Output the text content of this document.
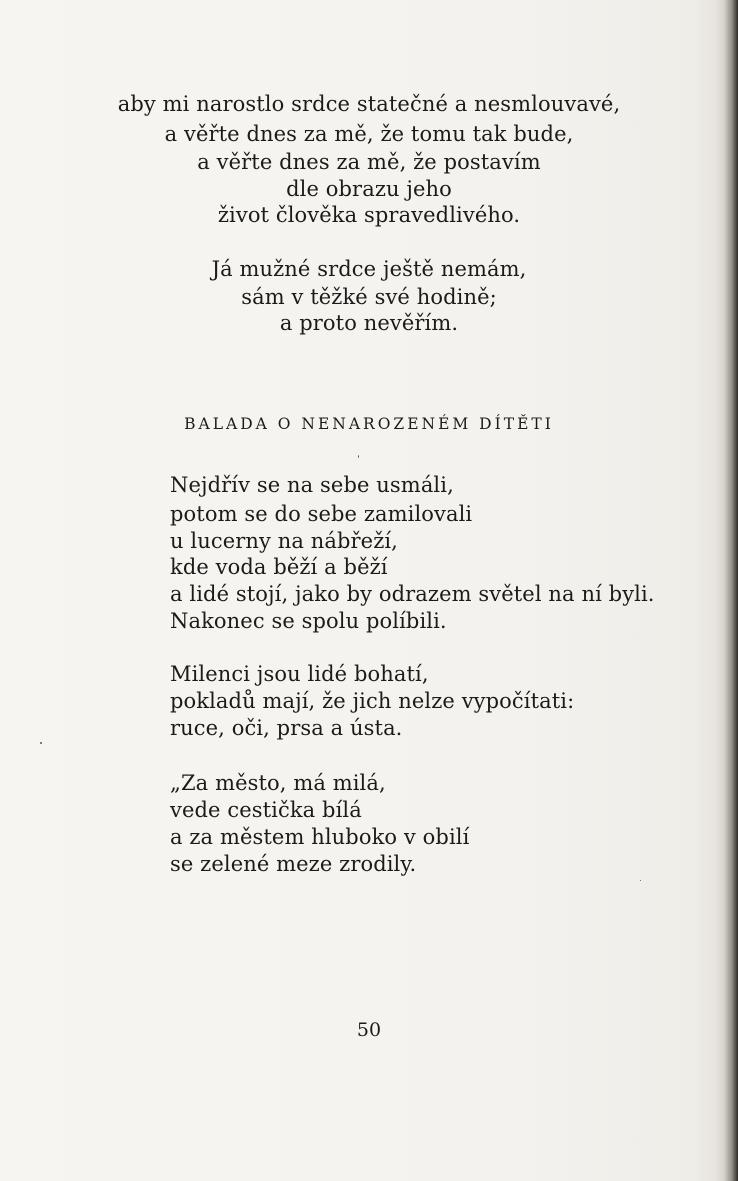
aby mi narostlo srdce statečné a nesmlouvavé,
a věřte dnes za mě, že tomu tak bude,
a věřte dnes za mě, že postavím
dle obrazu jeho
život člověka spravedlivého.
Já mužné srdce ještě nemám,
sám v těžké své hodině;
a proto nevěřím.
BALADA O NENAROZENÉM DÍTĚTI
Nejdřív se na sebe usmáli,
potom se do sebe zamilovali
u lucerny na nábřeží,
kde voda běží a běží
a lidé stojí, jako by odrazem světel na ní byli.
Nakonec se spolu políbili.
Milenci jsou lidé bohatí,
pokladů mají, že jich nelze vypočítati:
ruce, oči, prsa a ústa.
„Za město, má milá,
vede cestička bílá
a za městem hluboko v obilí
se zelené meze zrodily.
50
